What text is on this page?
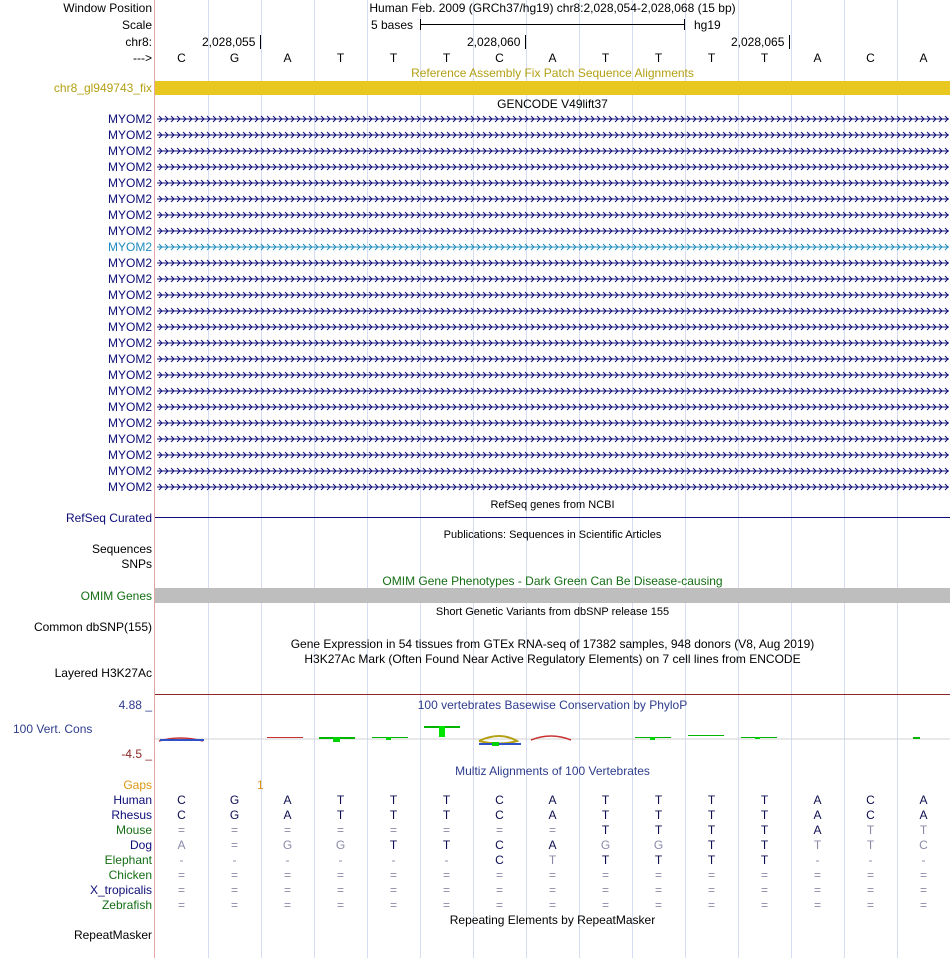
Window Position	Human Feb. 2009 (GRCh37/hg19) chr8:2,028,054-2,028,068 (15 bp)
Scale	5 bases	hg19
chr8:	2,028,055	2,028,060	2,028,065
--->	C	G	A	T	T	T	C	A	T	T	T	T	A	C	A
Reference Assembly Fix Patch Sequence Alignments
chr8_gl949743_fix
GENCODE V49lift37
MYOM2
MYOM2
MYOM2
MYOM2
MYOM2
MYOM2
MYOM2
MYOM2
MYOM2
MYOM2
MYOM2
MYOM2
MYOM2
MYOM2
MYOM2
MYOM2
MYOM2
MYOM2
MYOM2
MYOM2
MYOM2
MYOM2
MYOM2
MYOM2
RefSeq genes from NCBI
RefSeq Curated
Publications: Sequences in Scientific Articles
Sequences
SNPs
OMIM Gene Phenotypes - Dark Green Can Be Disease-causing
OMIM Genes
Short Genetic Variants from dbSNP release 155
Common dbSNP(155)
Gene Expression in 54 tissues from GTEx RNA-seq of 17382 samples, 948 donors (V8, Aug 2019)
H3K27Ac Mark (Often Found Near Active Regulatory Elements) on 7 cell lines from ENCODE
Layered H3K27Ac
100 vertebrates Basewise Conservation by PhyloP
4.88 _
100 Vert. Cons
-4.5 _
Multiz Alignments of 100 Vertebrates
Gaps	1
Human	C	G	A	T	T	T	C	A	T	T	T	T	A	C	A
Rhesus	C	G	A	T	T	T	C	A	T	T	T	T	A	C	A
Mouse	=	=	=	=	=	=	=	=	T	T	T	T	A	T	T
Dog	A	=	G	G	T	T	C	A	G	G	T	T	T	T	C
Elephant	-	-	-	-	-	-	C	T	T	T	T	T	-	-	-
Chicken	=	=	=	=	=	=	=	=	=	=	=	=	=	=	=
X_tropicalis	=	=	=	=	=	=	=	=	=	=	=	=	=	=	=
Zebrafish	=	=	=	=	=	=	=	=	=	=	=	=	=	=	=
Repeating Elements by RepeatMasker
RepeatMasker
